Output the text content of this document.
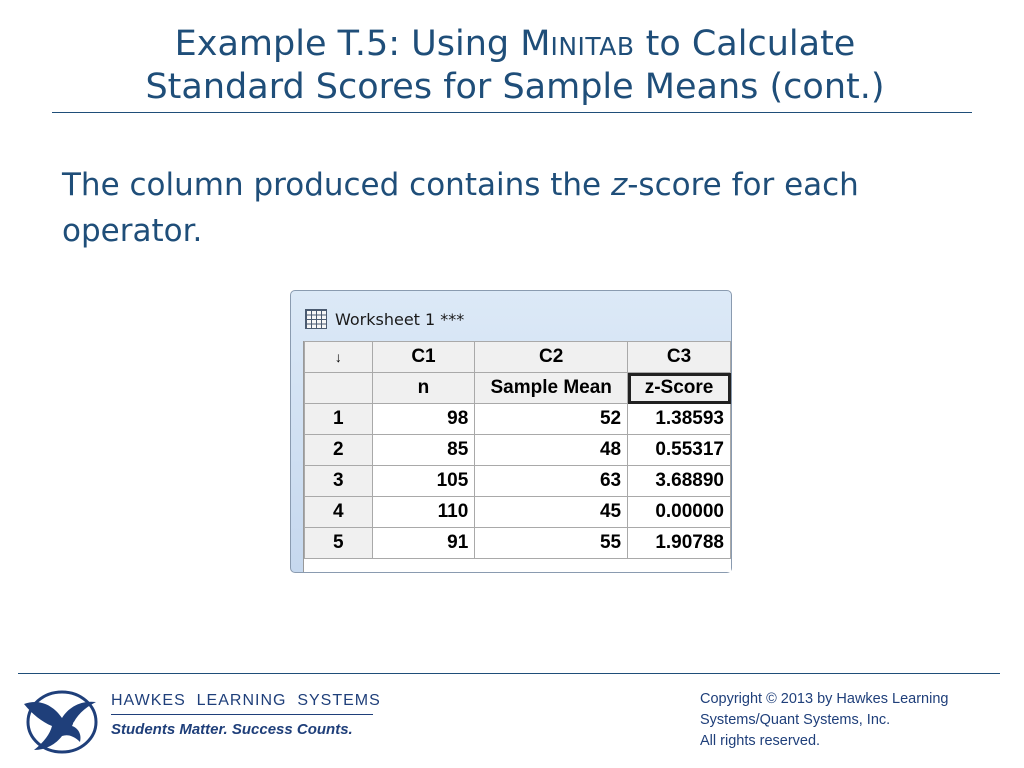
Example T.5: Using MINITAB to Calculate
Standard Scores for Sample Means (cont.)
The column produced contains the z-score for each operator.
Worksheet 1 ***
↓	C1	C2	C3
	n	Sample Mean	z-Score
1	98	52	1.38593
2	85	48	0.55317
3	105	63	3.68890
4	110	45	0.00000
5	91	55	1.90788
HAWKES  LEARNING  SYSTEMS
Students Matter. Success Counts.
Copyright © 2013 by Hawkes Learning
Systems/Quant Systems, Inc.
All rights reserved.
